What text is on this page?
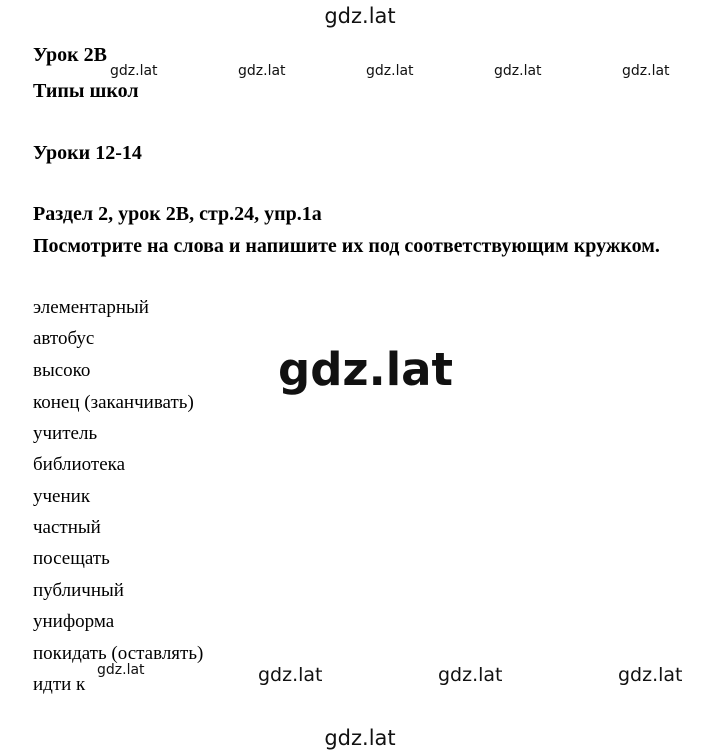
gdz.lat
Урок 2B
Типы школ
gdz.lat	gdz.lat	gdz.lat	gdz.lat	gdz.lat
Уроки 12-14
Раздел 2, урок 2B, стр.24, упр.1а
Посмотрите на слова и напишите их под соответствующим кружком.
элементарный
автобус
высоко
конец (заканчивать)
учитель
библиотека
ученик
частный
посещать
публичный
униформа
покидать (оставлять)
идти к
gdz.lat
gdz.lat	gdz.lat	gdz.lat	gdz.lat
gdz.lat
